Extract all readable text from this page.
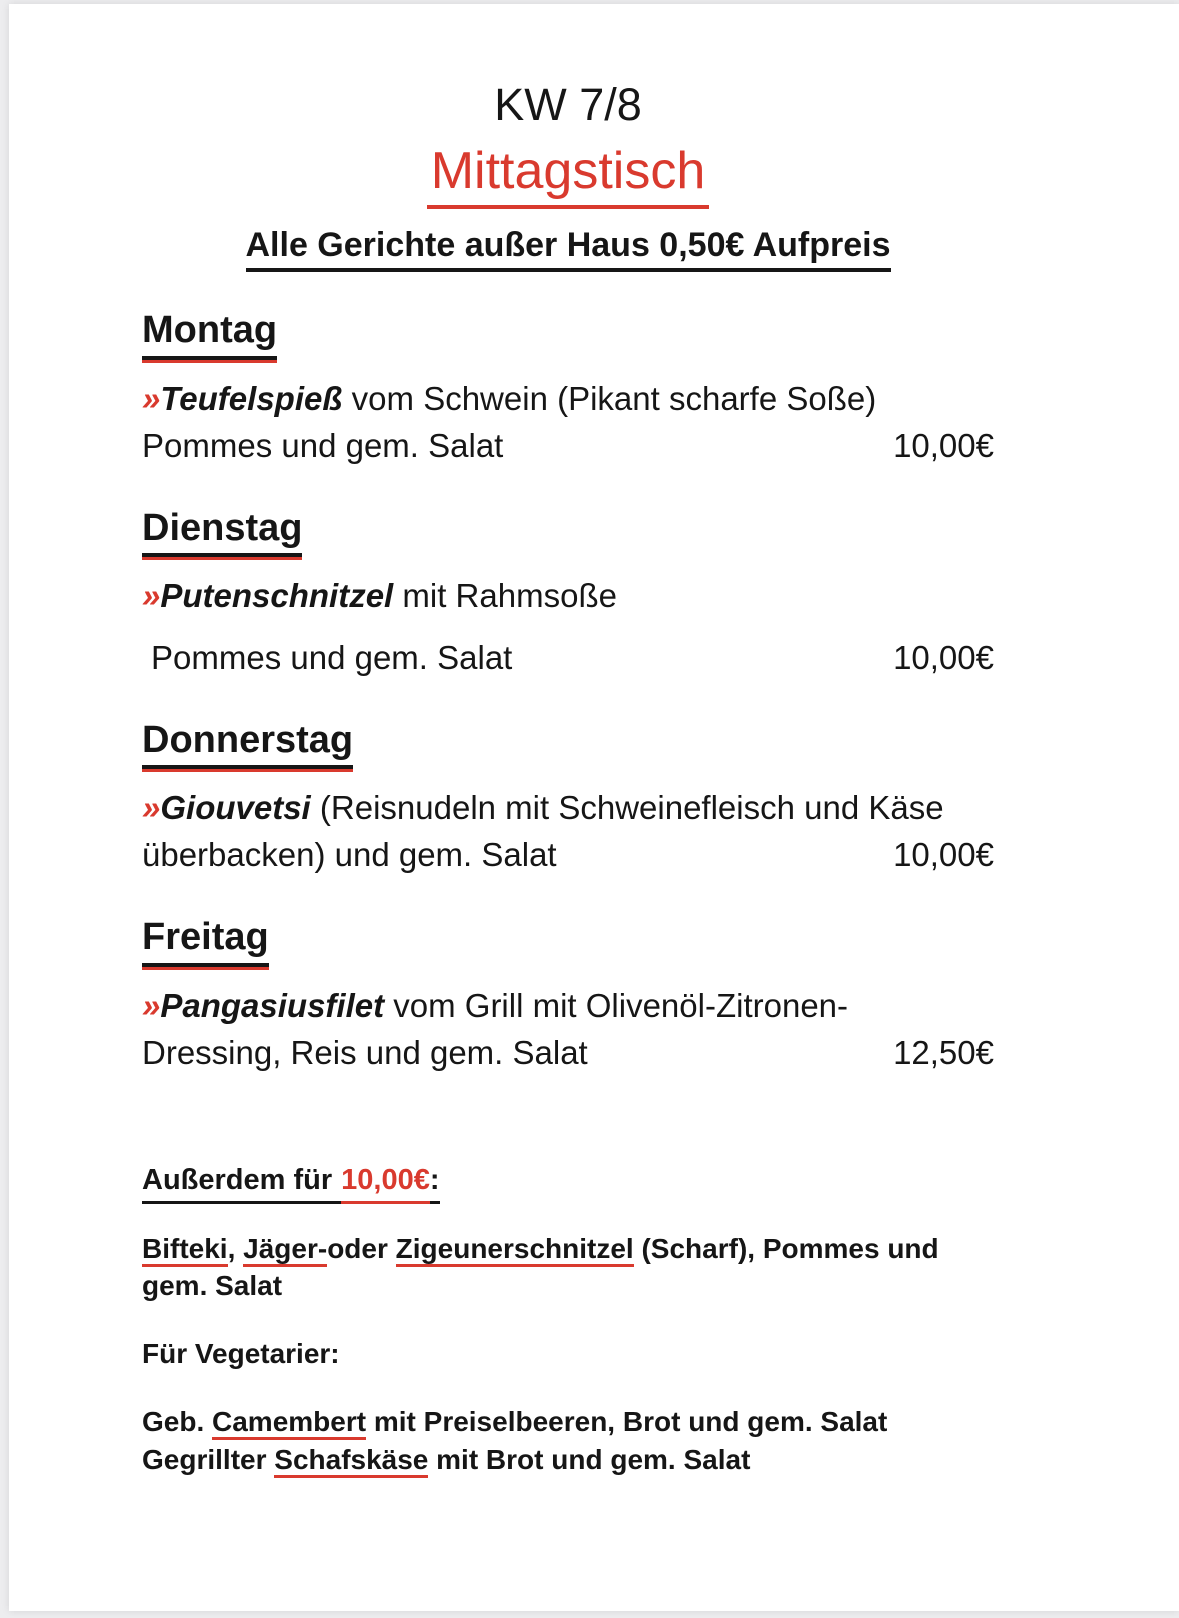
KW 7/8
Mittagstisch
Alle Gerichte außer Haus 0,50€ Aufpreis
Montag

»Teufelspieß vom Schwein (Pikant scharfe Soße)

Pommes und gem. Salat	10,00€
Dienstag

»Putenschnitzel mit Rahmsoße

Pommes und gem. Salat	10,00€
Donnerstag

»Giouvetsi (Reisnudeln mit Schweinefleisch und Käse

überbacken) und gem. Salat	10,00€
Freitag

»Pangasiusfilet vom Grill mit Olivenöl-Zitronen-

Dressing, Reis und gem. Salat	12,50€
Außerdem für 10,00€:

Bifteki, Jäger-oder Zigeunerschnitzel (Scharf), Pommes und

gem. Salat

Für Vegetarier:

Geb. Camembert mit Preiselbeeren, Brot und gem. Salat

Gegrillter Schafskäse mit Brot und gem. Salat
